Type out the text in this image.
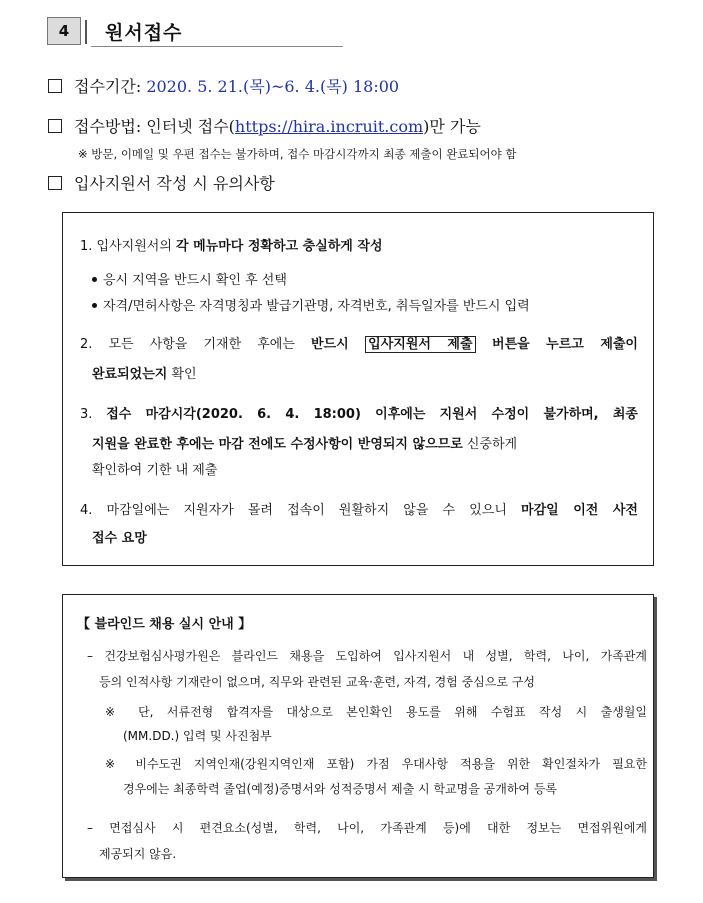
4	원서접수
접수기간: 2020. 5. 21.(목)~6. 4.(목) 18:00
접수방법: 인터넷 접수(https://hira.incruit.com)만 가능
※ 방문, 이메일 및 우편 접수는 불가하며, 접수 마감시각까지 최종 제출이 완료되어야 함
입사지원서 작성 시 유의사항
1. 입사지원서의 각 메뉴마다 정확하고 충실하게 작성
응시 지역을 반드시 확인 후 선택
자격/면허사항은 자격명칭과 발급기관명, 자격번호, 취득일자를 반드시 입력
2. 모든 사항을 기재한 후에는 반드시 입사지원서 제출 버튼을 누르고 제출이
완료되었는지 확인
3. 접수 마감시각(2020. 6. 4. 18:00) 이후에는 지원서 수정이 불가하며, 최종
지원을 완료한 후에는 마감 전에도 수정사항이 반영되지 않으므로 신중하게
확인하여 기한 내 제출
4. 마감일에는 지원자가 몰려 접속이 원활하지 않을 수 있으니 마감일 이전 사전
접수 요망
【 블라인드 채용 실시 안내 】
– 건강보험심사평가원은 블라인드 채용을 도입하여 입사지원서 내 성별, 학력, 나이, 가족관계
등의 인적사항 기재란이 없으며, 직무와 관련된 교육·훈련, 자격, 경험 중심으로 구성
※ 단, 서류전형 합격자를 대상으로 본인확인 용도를 위해 수험표 작성 시 출생월일
(MM.DD.) 입력 및 사진첨부
※ 비수도권 지역인재(강원지역인재 포함) 가점 우대사항 적용을 위한 확인절차가 필요한
경우에는 최종학력 졸업(예정)증명서와 성적증명서 제출 시 학교명을 공개하여 등록
– 면접심사 시 편견요소(성별, 학력, 나이, 가족관계 등)에 대한 정보는 면접위원에게
제공되지 않음.
